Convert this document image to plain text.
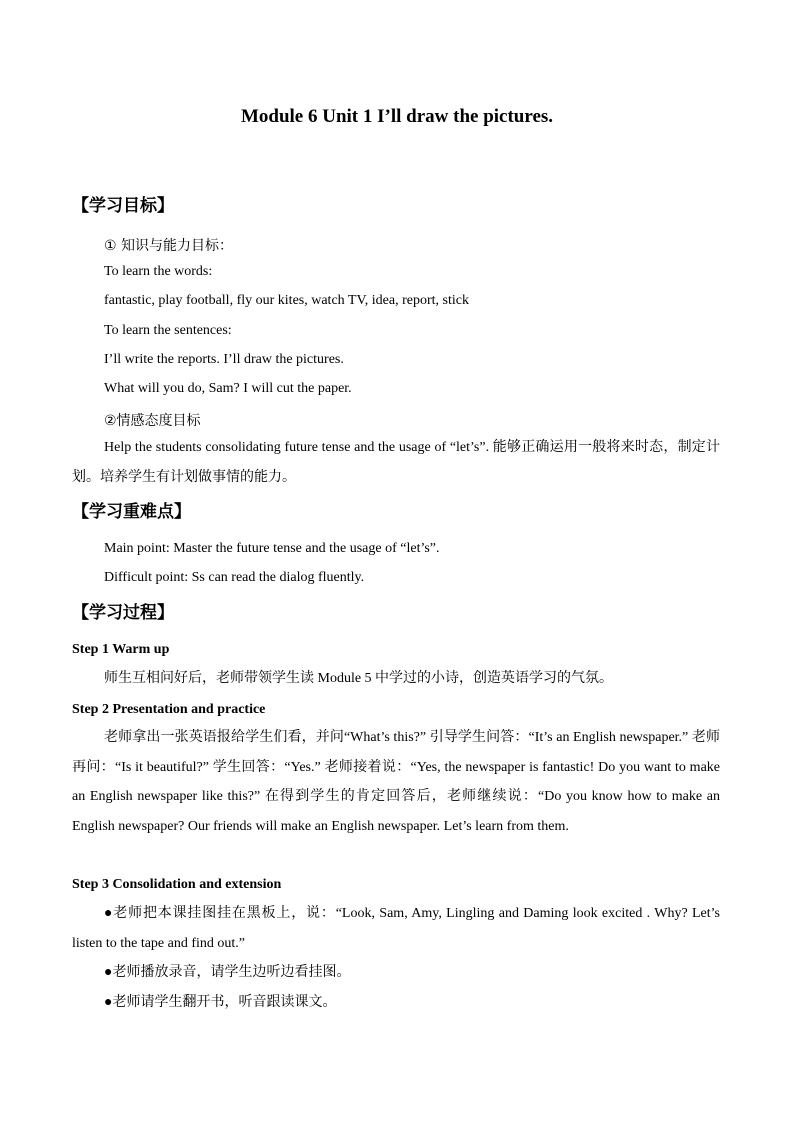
Module 6 Unit 1 I’ll draw the pictures.
【学习目标】
① 知识与能力目标：
To learn the words:
fantastic, play football, fly our kites, watch TV, idea, report, stick
To learn the sentences:
I’ll write the reports. I’ll draw the pictures.
What will you do, Sam? I will cut the paper.
②情感态度目标
Help the students consolidating future tense and the usage of “let’s”. 能够正确运用一般将来时态，制定计划。培养学生有计划做事情的能力。
【学习重难点】
Main point: Master the future tense and the usage of “let’s”.
Difficult point: Ss can read the dialog fluently.
【学习过程】
Step 1 Warm up
师生互相问好后，老师带领学生读 Module 5 中学过的小诗，创造英语学习的气氛。
Step 2 Presentation and practice
老师拿出一张英语报给学生们看，并问“What’s this?” 引导学生问答：“It’s an English newspaper.” 老师再问：“Is it beautiful?” 学生回答：“Yes.” 老师接着说：“Yes, the newspaper is fantastic! Do you want to make an English newspaper like this?” 在得到学生的肯定回答后，老师继续说：“Do you know how to make an English newspaper? Our friends will make an English newspaper. Let’s learn from them.
Step 3 Consolidation and extension
●老师把本课挂图挂在黑板上，说：“Look, Sam, Amy, Lingling and Daming look excited . Why? Let’s listen to the tape and find out.”
●老师播放录音，请学生边听边看挂图。
●老师请学生翻开书，听音跟读课文。
